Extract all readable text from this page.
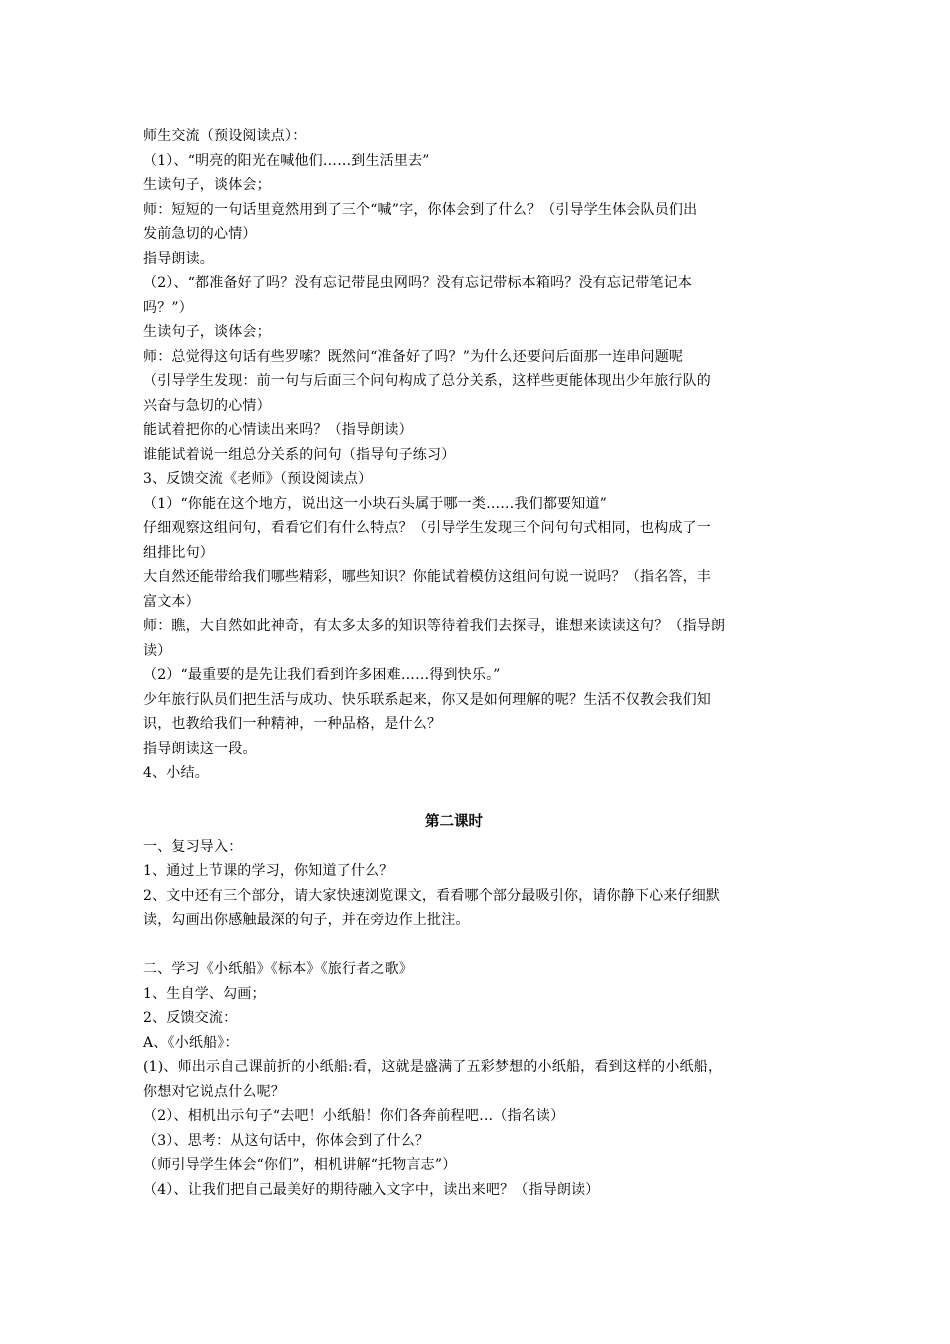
师生交流（预设阅读点）：
（1）、“明亮的阳光在喊他们……到生活里去”
生读句子，谈体会；
师：短短的一句话里竟然用到了三个“喊”字，你体会到了什么？（引导学生体会队员们出
发前急切的心情）
指导朗读。
（2）、“都准备好了吗？没有忘记带昆虫网吗？没有忘记带标本箱吗？没有忘记带笔记本
吗？”）
生读句子，谈体会；
师：总觉得这句话有些罗嗦？既然问“准备好了吗？”为什么还要问后面那一连串问题呢
（引导学生发现：前一句与后面三个问句构成了总分关系，这样些更能体现出少年旅行队的
兴奋与急切的心情）
能试着把你的心情读出来吗？（指导朗读）
谁能试着说一组总分关系的问句（指导句子练习）
3、反馈交流《老师》（预设阅读点）
（1）“你能在这个地方，说出这一小块石头属于哪一类……我们都要知道”
仔细观察这组问句，看看它们有什么特点？（引导学生发现三个问句句式相同，也构成了一
组排比句）
大自然还能带给我们哪些精彩，哪些知识？你能试着模仿这组问句说一说吗？（指名答，丰
富文本）
师：瞧，大自然如此神奇，有太多太多的知识等待着我们去探寻，谁想来读读这句？（指导朗
读）
（2）“最重要的是先让我们看到许多困难……得到快乐。”
少年旅行队员们把生活与成功、快乐联系起来，你又是如何理解的呢？生活不仅教会我们知
识，也教给我们一种精神，一种品格，是什么？
指导朗读这一段。
4、小结。
第二课时
一、复习导入：
1、通过上节课的学习，你知道了什么？
2、文中还有三个部分，请大家快速浏览课文，看看哪个部分最吸引你，请你静下心来仔细默
读，勾画出你感触最深的句子，并在旁边作上批注。
二、学习《小纸船》《标本》《旅行者之歌》
1、生自学、勾画；
2、反馈交流：
A、《小纸船》：
(1)、师出示自己课前折的小纸船:看，这就是盛满了五彩梦想的小纸船，看到这样的小纸船，
你想对它说点什么呢？
（2）、相机出示句子“去吧！小纸船！你们各奔前程吧…（指名读）
（3）、思考：从这句话中，你体会到了什么？
（师引导学生体会“你们”，相机讲解“托物言志”）
（4）、让我们把自己最美好的期待融入文字中，读出来吧？（指导朗读）
